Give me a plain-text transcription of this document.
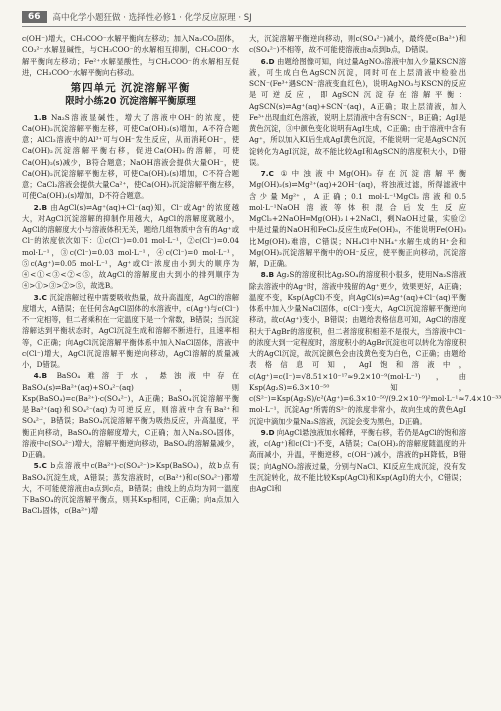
66	高中化学小题狂做 · 选择性必修1 · 化学反应原理 · SJ

c(OH⁻)增大，CH₃COO⁻水解平衡向左移动；加入Na₂CO₃固体，CO₃²⁻水解显碱性，与CH₃COO⁻的水解相互抑制，CH₃COO⁻水解平衡向左移动；Fe²⁺水解显酸性，与CH₃COO⁻的水解相互促进，CH₃COO⁻水解平衡向右移动。

第四单元 沉淀溶解平衡
限时小练20 沉淀溶解平衡原理

1.B Na₂S溶液显碱性，增大了溶液中OH⁻的浓度，使Ca(OH)₂沉淀溶解平衡左移，可使Ca(OH)₂(s)增加，A不符合题意；AlCl₃溶液中的Al³⁺可与OH⁻发生反应，从而消耗OH⁻，使Ca(OH)₂沉淀溶解平衡右移，促进Ca(OH)₂的溶解，可使Ca(OH)₂(s)减少，B符合题意；NaOH溶液会提供大量OH⁻，使Ca(OH)₂沉淀溶解平衡左移，可使Ca(OH)₂(s)增加，C不符合题意；CaCl₂溶液会提供大量Ca²⁺，使Ca(OH)₂沉淀溶解平衡左移，可使Ca(OH)₂(s)增加，D不符合题意。

2.B 由AgCl(s)⇌Ag⁺(aq)+Cl⁻(aq)知，Cl⁻或Ag⁺的浓度越大，对AgCl沉淀溶解的抑制作用越大，AgCl的溶解度就越小，AgCl的溶解度大小与溶液体积无关，题给几组物质中含有的Ag⁺或Cl⁻的浓度依次如下：①c(Cl⁻)=0.01 mol·L⁻¹，②c(Cl⁻)=0.04 mol·L⁻¹，③c(Cl⁻)=0.03 mol·L⁻¹，④c(Cl⁻)=0 mol·L⁻¹，⑤c(Ag⁺)=0.05 mol·L⁻¹，Ag⁺或Cl⁻浓度由小到大的顺序为④<①<③<②<⑤，故AgCl的溶解度由大到小的排列顺序为④>①>③>②>⑤，故选B。

3.C 沉淀溶解过程中需要吸收热量，故升高温度，AgCl的溶解度增大，A错误；在任何含AgCl固体的水溶液中，c(Ag⁺)与c(Cl⁻)不一定相等，但二者乘积在一定温度下是一个常数，B错误；当沉淀溶解达到平衡状态时，AgCl沉淀生成和溶解不断进行，且速率相等，C正确；向AgCl沉淀溶解平衡体系中加入NaCl固体，溶液中c(Cl⁻)增大，AgCl沉淀溶解平衡逆向移动，AgCl溶解的质量减小，D错误。

4.B BaSO₄难溶于水，悬浊液中存在BaSO₄(s)⇌Ba²⁺(aq)+SO₄²⁻(aq)，则Ksp(BaSO₄)=c(Ba²⁺)·c(SO₄²⁻)，A正确；BaSO₄沉淀溶解平衡是Ba²⁺(aq)和SO₄²⁻(aq)为可逆反应，则溶液中含有Ba²⁺和SO₄²⁻，B错误；BaSO₄沉淀溶解平衡为吸热反应，升高温度，平衡正向移动，BaSO₄的溶解度增大，C正确；加入Na₂SO₄固体，溶液中c(SO₄²⁻)增大，溶解平衡逆向移动，BaSO₄的溶解量减少，D正确。

5.C b点溶液中c(Ba²⁺)·c(SO₄²⁻)>Ksp(BaSO₄)，故b点有BaSO₄沉淀生成，A错误；蒸发溶液时，c(Ba²⁺)和c(SO₄²⁻)都增大，不可能使溶液由a点到c点，B错误；曲线上的点均为同一温度下BaSO₄的沉淀溶解平衡点，则其Ksp相同，C正确；向a点加入BaCl₂固体，c(Ba²⁺)增

大，沉淀溶解平衡逆向移动，则c(SO₄²⁻)减小，最终使c(Ba²⁺)和c(SO₄²⁻)不相等，故不可能使溶液由a点到b点，D错误。

6.D 由题给图像可知，向过量AgNO₃溶液中加入少量KSCN溶液，可生成白色AgSCN沉淀，同时可在上层清液中检验出SCN⁻(Fe³⁺遇SCN⁻溶液变血红色)，说明AgNO₃与KSCN的反应是可逆反应，即AgSCN沉淀存在溶解平衡：AgSCN(s)⇌Ag⁺(aq)+SCN⁻(aq)，A正确；取上层清液，加入Fe³⁺出现血红色溶液，说明上层清液中含有SCN⁻，B正确；AgI是黄色沉淀，③中颜色变化说明有AgI生成，C正确；由于溶液中含有Ag⁺，所以加入KI后生成AgI黄色沉淀，不能说明一定是AgSCN沉淀转化为AgI沉淀，故不能比较AgI和AgSCN的溶度积大小，D错误。

7.C ①中浊液中Mg(OH)₂存在沉淀溶解平衡Mg(OH)₂(s)⇌Mg²⁺(aq)+2OH⁻(aq)，将浊液过滤，所得滤液中含少量Mg²⁺，A正确；0.1 mol·L⁻¹MgCl₂溶液和0.5 mol·L⁻¹NaOH溶液等体积混合后发生反应MgCl₂+2NaOH═Mg(OH)₂↓+2NaCl，剩NaOH过量，实验②中是过量的NaOH和FeCl₃反应生成Fe(OH)₃，不能说明Fe(OH)₃比Mg(OH)₂难溶，C错误；NH₄Cl中NH₄⁺水解生成的H⁺会和Mg(OH)₂沉淀溶解平衡中的OH⁻反应，使平衡正向移动，沉淀溶解，D正确。

8.B Ag₂S的溶度积比Ag₂SO₄的溶度积小很多，使用Na₂S溶液除去溶液中的Ag⁺时，溶液中残留的Ag⁺更少，效果更好，A正确；温度不变，Ksp(AgCl)不变，向AgCl(s)⇌Ag⁺(aq)+Cl⁻(aq)平衡体系中加入少量NaCl固体，c(Cl⁻)变大，AgCl沉淀溶解平衡逆向移动，故c(Ag⁺)变小，B错误；由题给表格信息可知，AgCl的溶度积大于AgBr的溶度积，但二者溶度积相差不是很大，当溶液中Cl⁻的浓度大到一定程度时，溶度积小的AgBr沉淀也可以转化为溶度积大的AgCl沉淀，故沉淀颜色会由浅黄色变为白色，C正确；由题给表格信息可知，AgI饱和溶液中，c(Ag⁺)=c(I⁻)=√8.51×10⁻¹⁷≈9.2×10⁻⁹(mol·L⁻¹)，由Ksp(Ag₂S)=6.3×10⁻⁵⁰知，c(S²⁻)=Ksp(Ag₂S)/c²(Ag⁺)=6.3×10⁻⁵⁰/(9.2×10⁻⁹)²mol·L⁻¹≈7.4×10⁻³³ mol·L⁻¹，沉淀Ag⁺所需的S²⁻的浓度非常小，故向生成的黄色AgI沉淀中滴加少量Na₂S溶液，沉淀会变为黑色，D正确。

9.D 向AgCl悬浊液加水稀释，平衡右移，若仍是AgCl的饱和溶液，c(Ag⁺)和c(Cl⁻)不变，A错误；Ca(OH)₂的溶解度随温度的升高而减小，升温，平衡逆移，c(OH⁻)减小，溶液的pH降低，B错误；向AgNO₃溶液过量，分别与NaCl、KI反应生成沉淀，没有发生沉淀转化，故不能比较Ksp(AgCl)和Ksp(AgI)的大小，C错误；由AgCl和
